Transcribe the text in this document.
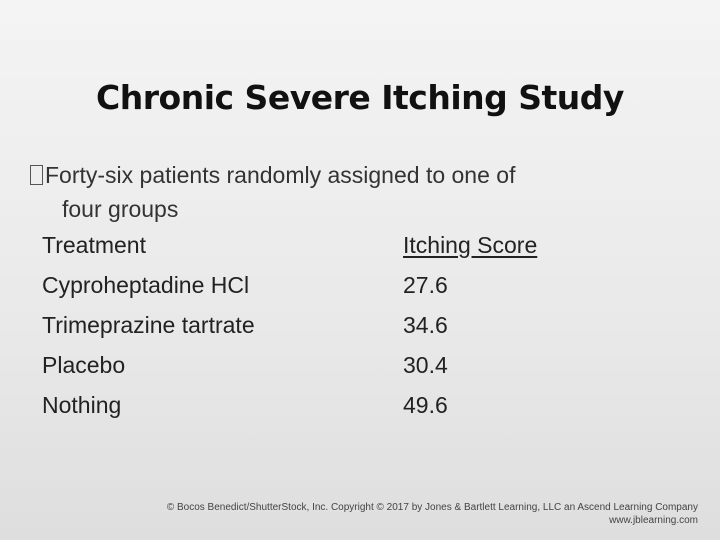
Chronic Severe Itching Study
Forty-six patients randomly assigned to one of
four groups
Treatment	Itching Score
Cyproheptadine HCl	27.6
Trimeprazine tartrate	34.6
Placebo	30.4
Nothing	49.6
© Bocos Benedict/ShutterStock, Inc. Copyright © 2017 by Jones & Bartlett Learning, LLC an Ascend Learning Company
www.jblearning.com
